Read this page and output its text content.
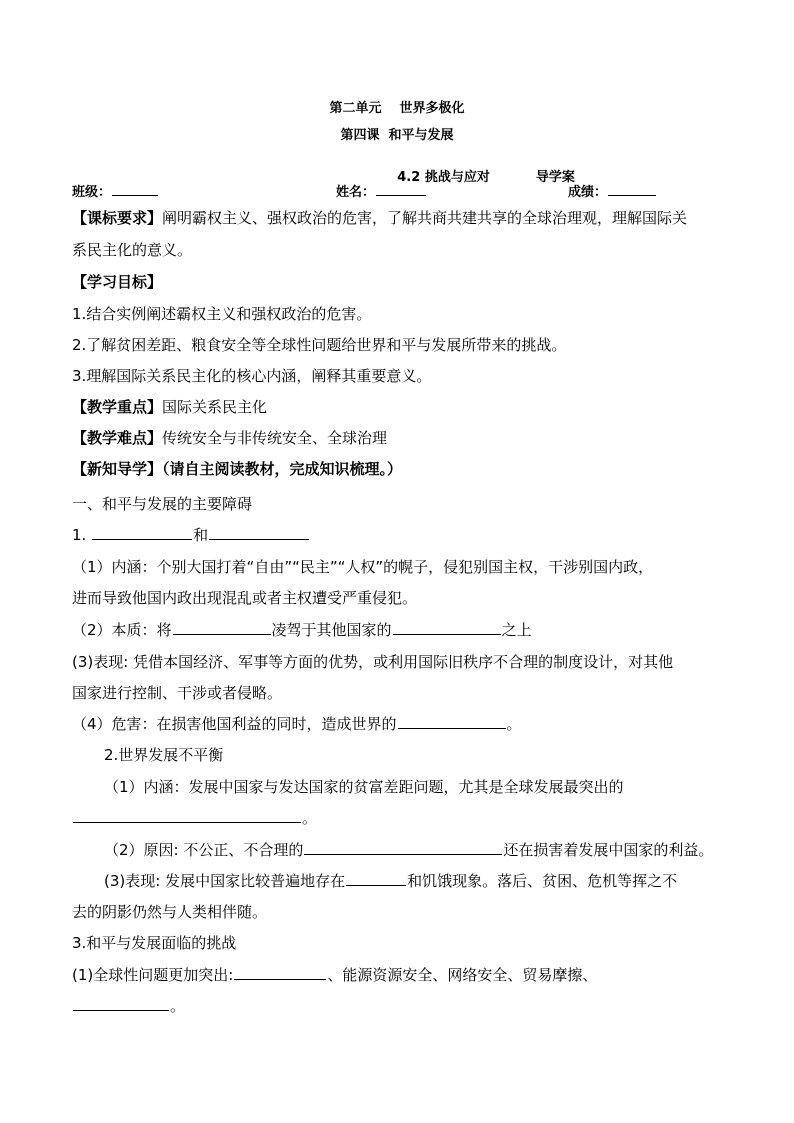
第二单元    世界多极化
第四课  和平与发展

4.2 挑战与应对	导学案

班级：	姓名：	成绩：
【课标要求】阐明霸权主义、强权政治的危害，了解共商共建共享的全球治理观，理解国际关
系民主化的意义。
【学习目标】
1.结合实例阐述霸权主义和强权政治的危害。
2.了解贫困差距、粮食安全等全球性问题给世界和平与发展所带来的挑战。
3.理解国际关系民主化的核心内涵，阐释其重要意义。
【教学重点】国际关系民主化
【教学难点】传统安全与非传统安全、全球治理
【新知导学】（请自主阅读教材，完成知识梳理。）
一、和平与发展的主要障碍
1.	和
（1）内涵：个别大国打着“自由”“民主”“人权”的幌子，侵犯别国主权，干涉别国内政，
进而导致他国内政出现混乱或者主权遭受严重侵犯。
（2）本质：将	凌驾于其他国家的	之上
(3)表现: 凭借本国经济、军事等方面的优势，或利用国际旧秩序不合理的制度设计，对其他
国家进行控制、干涉或者侵略。
（4）危害：在损害他国利益的同时，造成世界的	。
2.世界发展不平衡
（1）内涵：发展中国家与发达国家的贫富差距问题，尤其是全球发展最突出的
。
（2）原因: 不公正、不合理的	还在损害着发展中国家的利益。
(3)表现: 发展中国家比较普遍地存在	和饥饿现象。落后、贫困、危机等挥之不
去的阴影仍然与人类相伴随。
3.和平与发展面临的挑战
(1)全球性问题更加突出:	、能源资源安全、网络安全、贸易摩擦、
。
